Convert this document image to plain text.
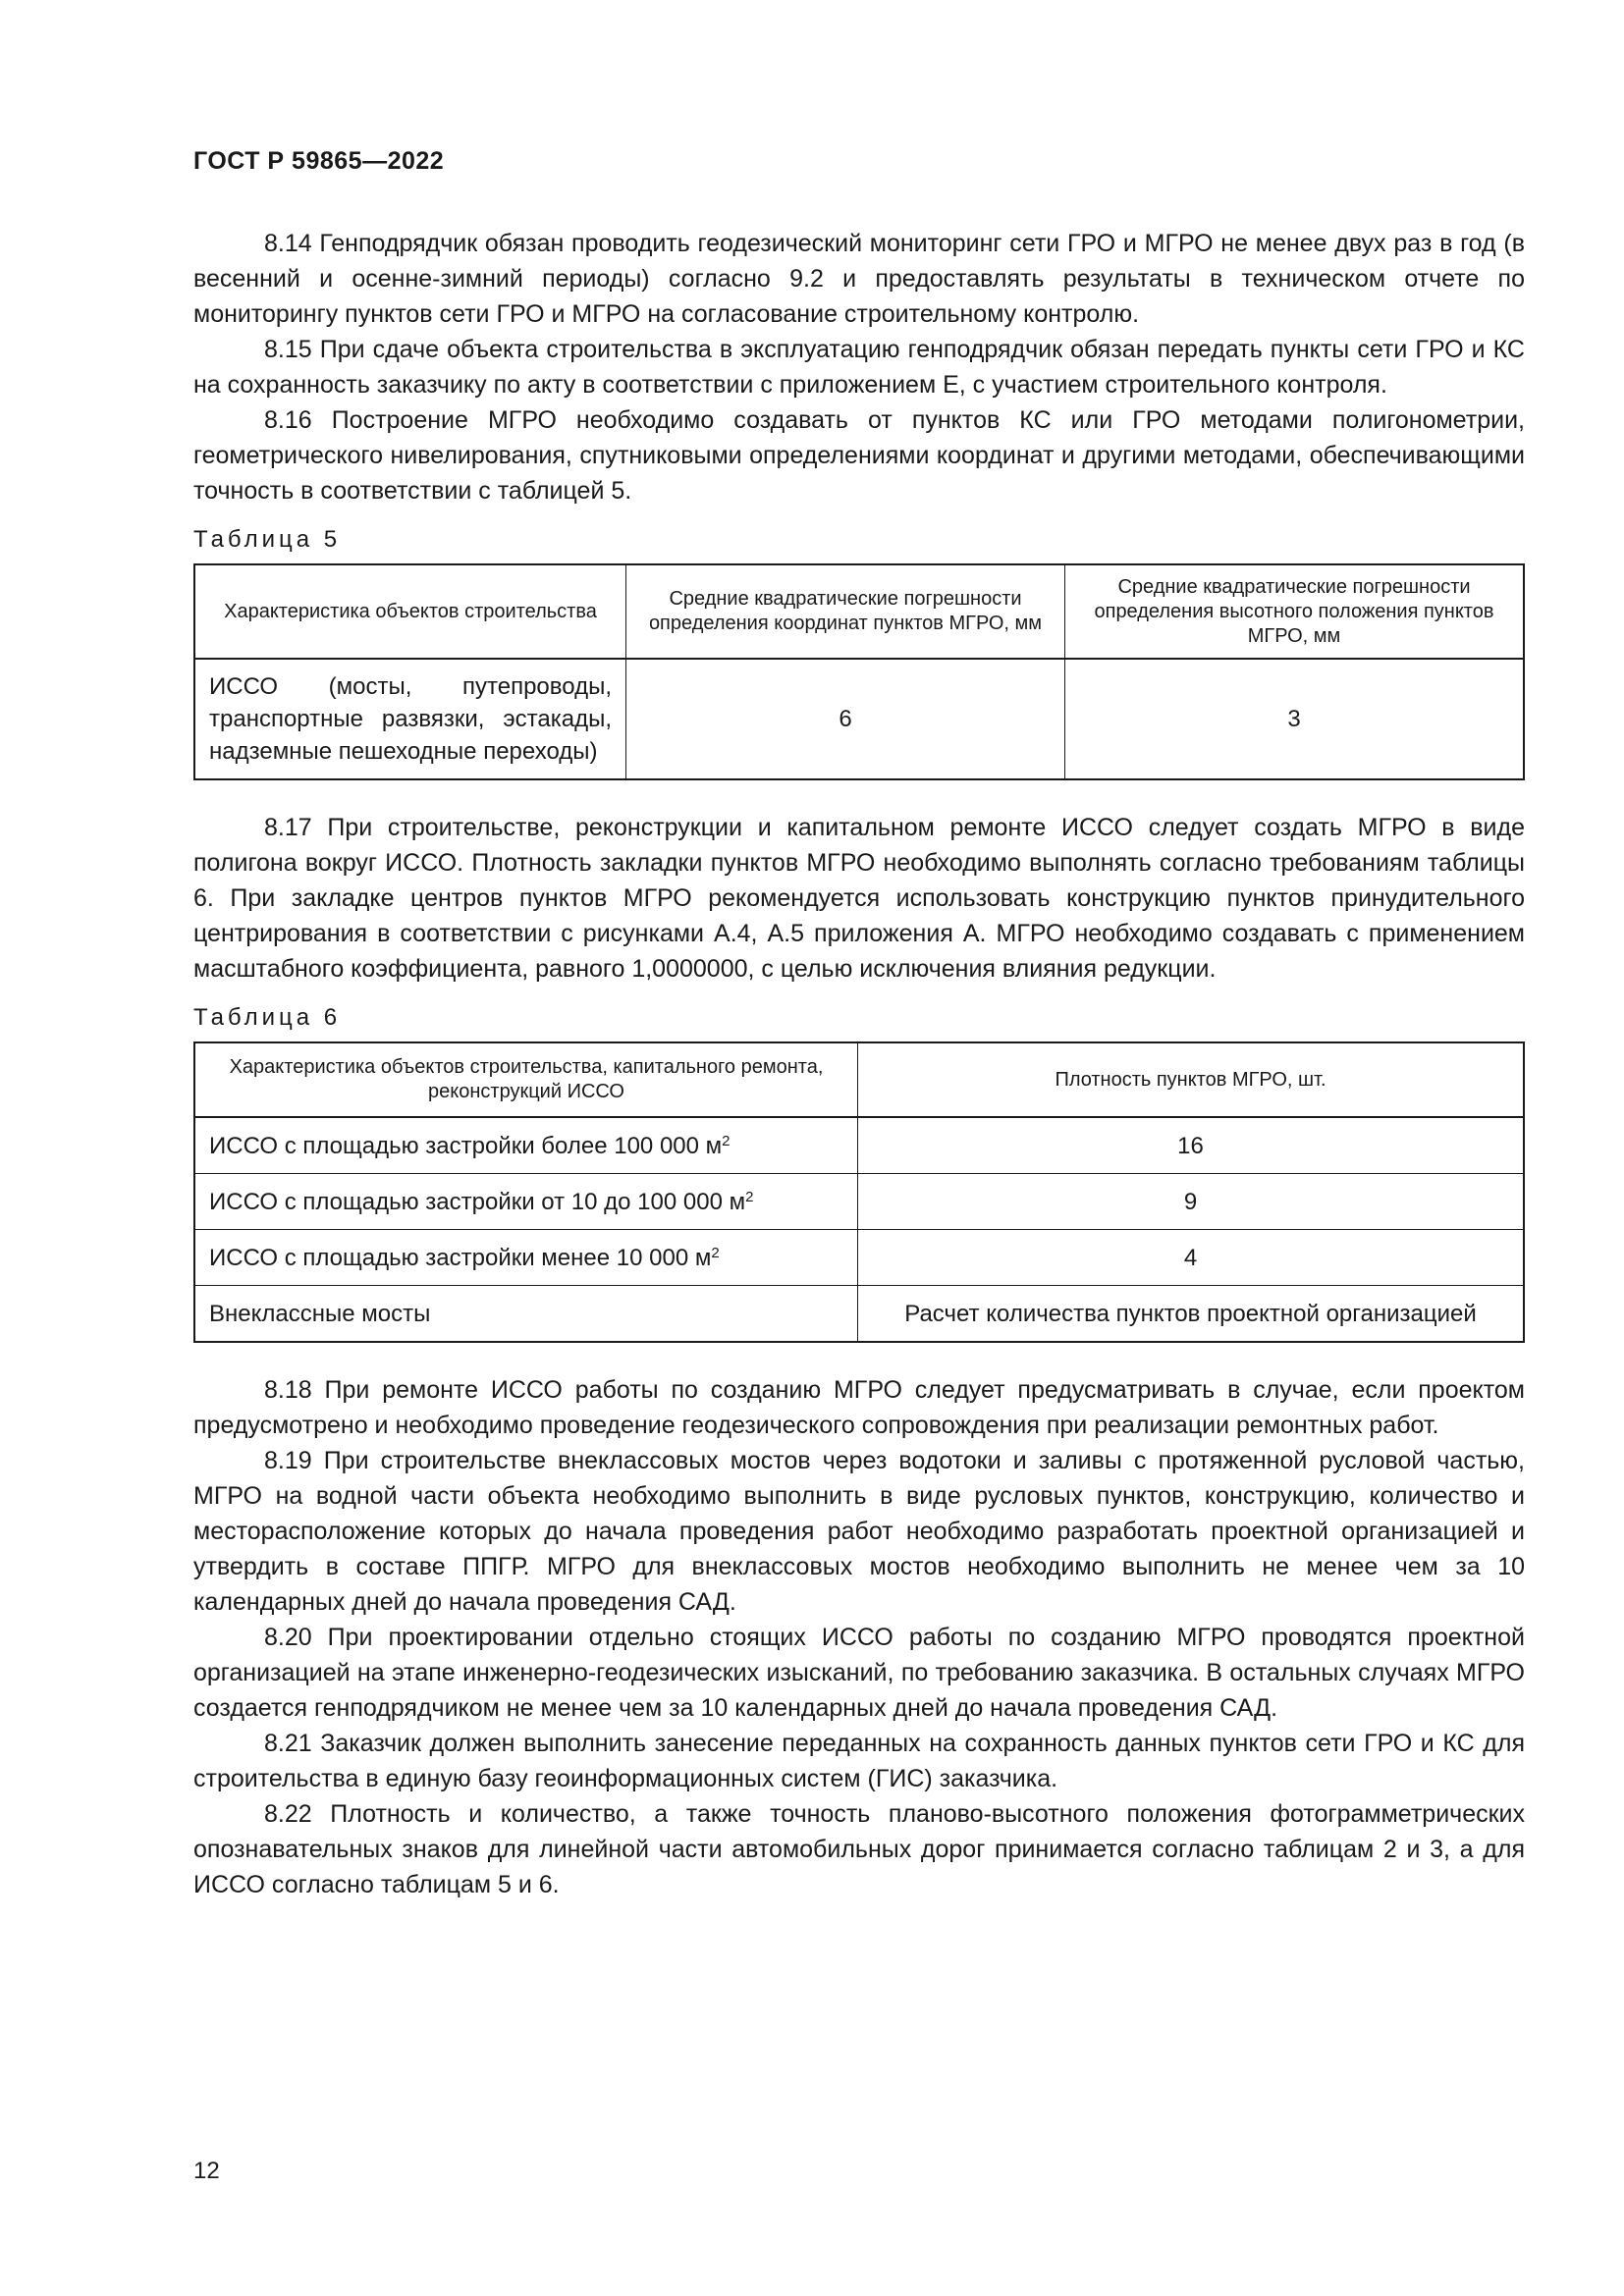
ГОСТ Р 59865—2022

8.14 Генподрядчик обязан проводить геодезический мониторинг сети ГРО и МГРО не менее двух раз в год (в весенний и осенне-зимний периоды) согласно 9.2 и предоставлять результаты в техническом отчете по мониторингу пунктов сети ГРО и МГРО на согласование строительному контролю.

8.15 При сдаче объекта строительства в эксплуатацию генподрядчик обязан передать пункты сети ГРО и КС на сохранность заказчику по акту в соответствии с приложением Е, с участием строительного контроля.

8.16 Построение МГРО необходимо создавать от пунктов КС или ГРО методами полигонометрии, геометрического нивелирования, спутниковыми определениями координат и другими методами, обеспечивающими точность в соответствии с таблицей 5.

Таблица 5
Характеристика объектов строительства	Средние квадратические погрешности определения координат пунктов МГРО, мм	Средние квадратические погрешности определения высотного положения пунктов МГРО, мм
ИССО (мосты, путепроводы, транспортные развязки, эстакады, надземные пешеходные переходы)	6	3

8.17 При строительстве, реконструкции и капитальном ремонте ИССО следует создать МГРО в виде полигона вокруг ИССО. Плотность закладки пунктов МГРО необходимо выполнять согласно требованиям таблицы 6. При закладке центров пунктов МГРО рекомендуется использовать конструкцию пунктов принудительного центрирования в соответствии с рисунками А.4, А.5 приложения А. МГРО необходимо создавать с применением масштабного коэффициента, равного 1,0000000, с целью исключения влияния редукции.

Таблица 6
Характеристика объектов строительства, капитального ремонта, реконструкций ИССО	Плотность пунктов МГРО, шт.
ИССО с площадью застройки более 100 000 $м^2$	16
ИССО с площадью застройки от 10 до 100 000 $м^2$	9
ИССО с площадью застройки менее 10 000 $м^2$	4
Внеклассные мосты	Расчет количества пунктов проектной организацией

8.18 При ремонте ИССО работы по созданию МГРО следует предусматривать в случае, если проектом предусмотрено и необходимо проведение геодезического сопровождения при реализации ремонтных работ.

8.19 При строительстве внеклассовых мостов через водотоки и заливы с протяженной русловой частью, МГРО на водной части объекта необходимо выполнить в виде русловых пунктов, конструкцию, количество и месторасположение которых до начала проведения работ необходимо разработать проектной организацией и утвердить в составе ППГР. МГРО для внеклассовых мостов необходимо выполнить не менее чем за 10 календарных дней до начала проведения САД.

8.20 При проектировании отдельно стоящих ИССО работы по созданию МГРО проводятся проектной организацией на этапе инженерно-геодезических изысканий, по требованию заказчика. В остальных случаях МГРО создается генподрядчиком не менее чем за 10 календарных дней до начала проведения САД.

8.21 Заказчик должен выполнить занесение переданных на сохранность данных пунктов сети ГРО и КС для строительства в единую базу геоинформационных систем (ГИС) заказчика.

8.22 Плотность и количество, а также точность планово-высотного положения фотограмметрических опознавательных знаков для линейной части автомобильных дорог принимается согласно таблицам 2 и 3, а для ИССО согласно таблицам 5 и 6.

12
